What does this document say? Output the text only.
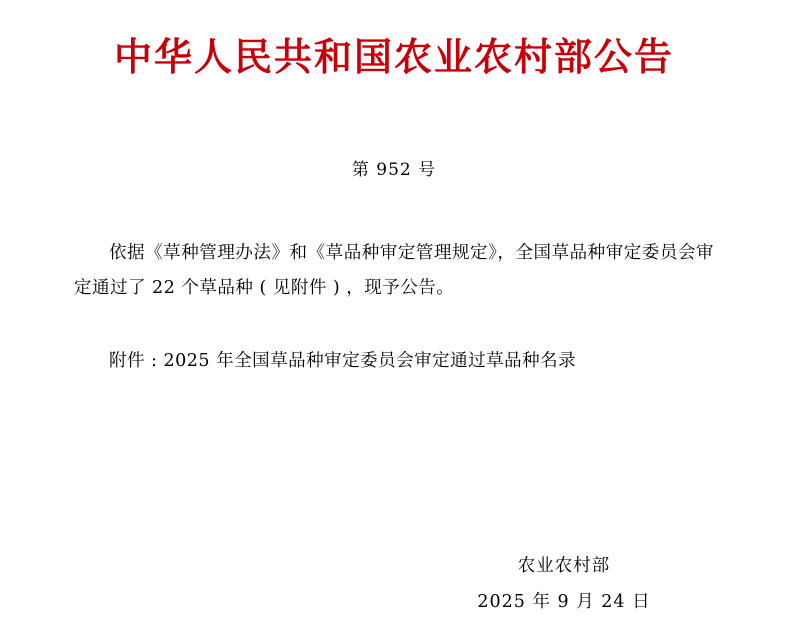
中华人民共和国农业农村部公告
第 952 号
依据《草种管理办法》和《草品种审定管理规定》，全国草品种审定委员会审定通过了 22 个草品种 ( 见附件 ) ，现予公告。
附件 : 2025 年全国草品种审定委员会审定通过草品种名录
农业农村部
2025 年 9 月 24 日
